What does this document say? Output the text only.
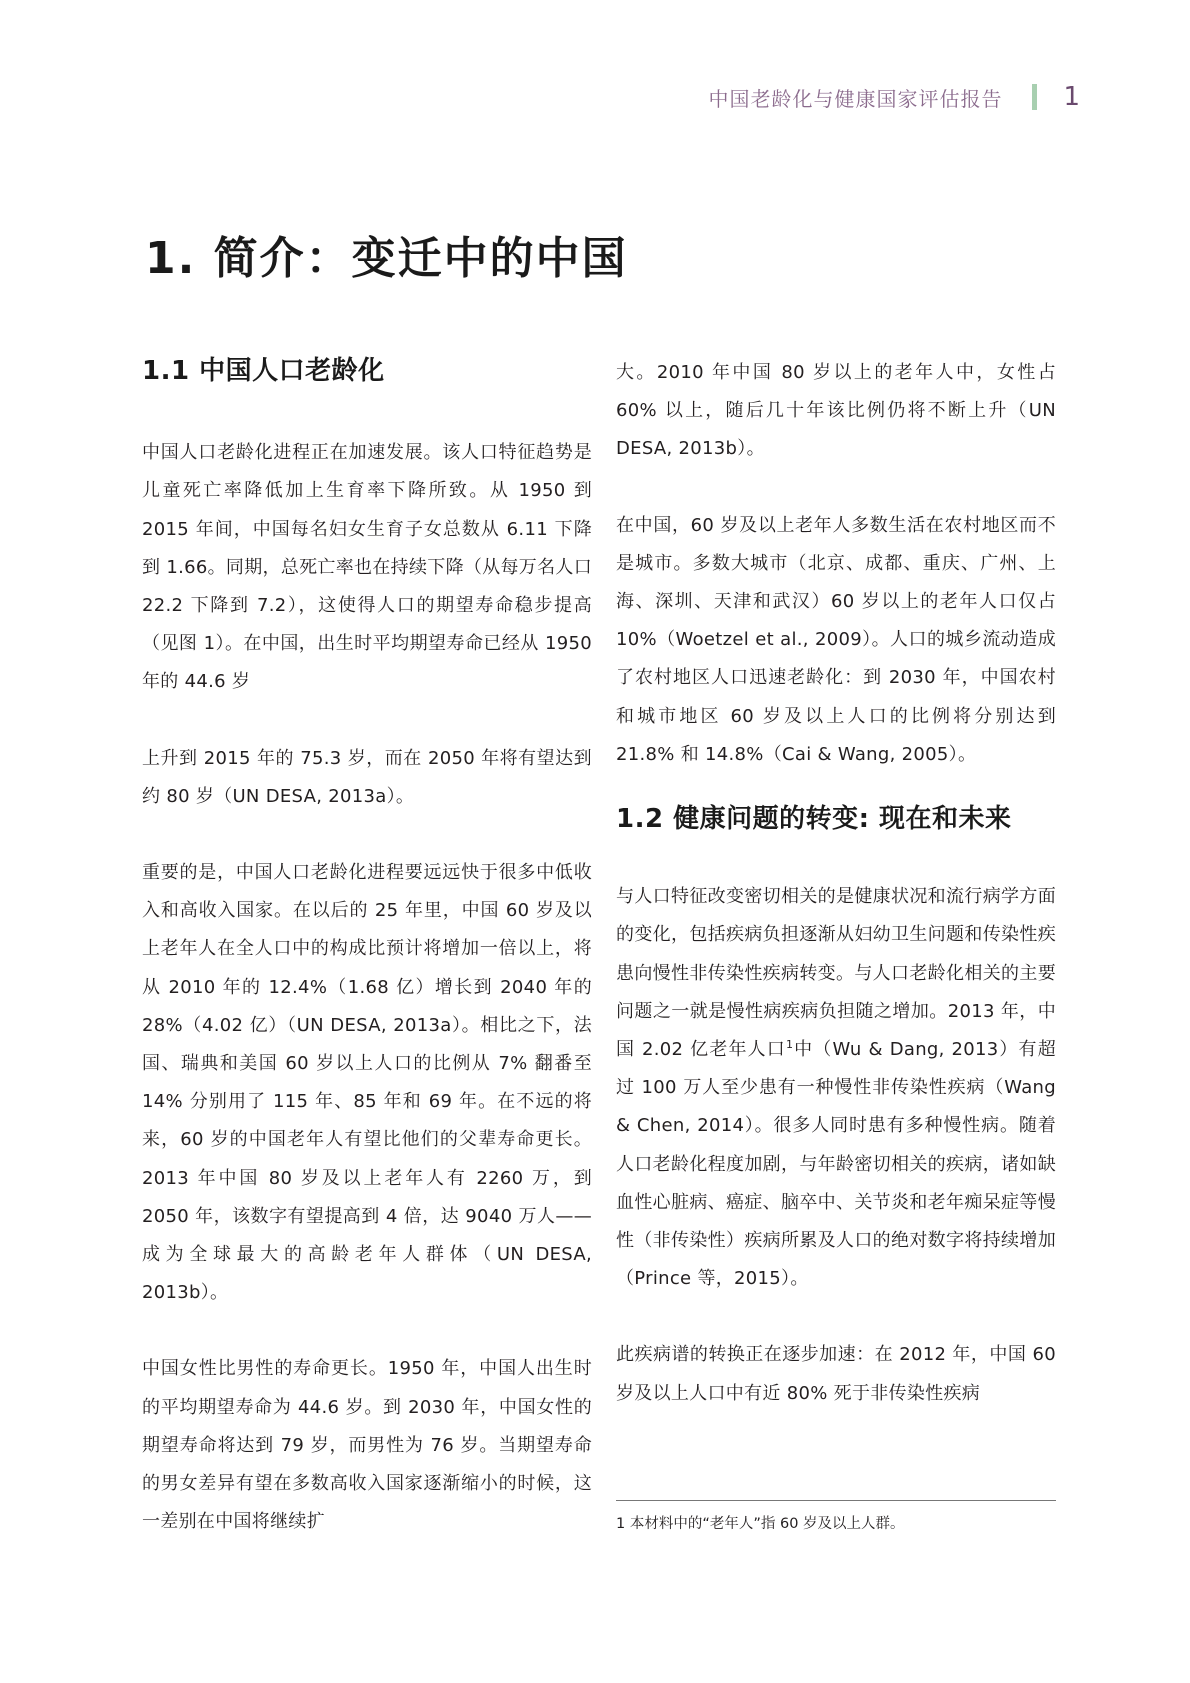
中国老龄化与健康国家评估报告 1
1. 简介：变迁中的中国
1.1 中国人口老龄化

中国人口老龄化进程正在加速发展。该人口特征趋势是儿童死亡率降低加上生育率下降所致。从 1950 到 2015 年间，中国每名妇女生育子女总数从 6.11 下降到 1.66。同期，总死亡率也在持续下降（从每万名人口 22.2 下降到 7.2），这使得人口的期望寿命稳步提高（见图 1）。在中国，出生时平均期望寿命已经从 1950 年的 44.6 岁

上升到 2015 年的 75.3 岁，而在 2050 年将有望达到约 80 岁（UN DESA, 2013a）。

重要的是，中国人口老龄化进程要远远快于很多中低收入和高收入国家。在以后的 25 年里，中国 60 岁及以上老年人在全人口中的构成比预计将增加一倍以上，将从 2010 年的 12.4%（1.68 亿）增长到 2040 年的 28%（4.02 亿）（UN DESA, 2013a）。相比之下，法国、瑞典和美国 60 岁以上人口的比例从 7% 翻番至 14% 分别用了 115 年、85 年和 69 年。在不远的将来，60 岁的中国老年人有望比他们的父辈寿命更长。2013 年中国 80 岁及以上老年人有 2260 万，到 2050 年，该数字有望提高到 4 倍，达 9040 万人——成为全球最大的高龄老年人群体（UN DESA, 2013b）。

中国女性比男性的寿命更长。1950 年，中国人出生时的平均期望寿命为 44.6 岁。到 2030 年，中国女性的期望寿命将达到 79 岁，而男性为 76 岁。当期望寿命的男女差异有望在多数高收入国家逐渐缩小的时候，这一差别在中国将继续扩

大。2010 年中国 80 岁以上的老年人中，女性占 60% 以上，随后几十年该比例仍将不断上升（UN DESA, 2013b）。

在中国，60 岁及以上老年人多数生活在农村地区而不是城市。多数大城市（北京、成都、重庆、广州、上海、深圳、天津和武汉）60 岁以上的老年人口仅占 10%（Woetzel et al., 2009）。人口的城乡流动造成了农村地区人口迅速老龄化：到 2030 年，中国农村和城市地区 60 岁及以上人口的比例将分别达到 21.8% 和 14.8%（Cai & Wang, 2005）。

1.2 健康问题的转变: 现在和未来

与人口特征改变密切相关的是健康状况和流行病学方面的变化，包括疾病负担逐渐从妇幼卫生问题和传染性疾患向慢性非传染性疾病转变。与人口老龄化相关的主要问题之一就是慢性病疾病负担随之增加。2013 年，中国 2.02 亿老年人口$^1$中（Wu & Dang, 2013）有超过 100 万人至少患有一种慢性非传染性疾病（Wang & Chen, 2014）。很多人同时患有多种慢性病。随着人口老龄化程度加剧，与年龄密切相关的疾病，诸如缺血性心脏病、癌症、脑卒中、关节炎和老年痴呆症等慢性（非传染性）疾病所累及人口的绝对数字将持续增加（Prince 等，2015）。

此疾病谱的转换正在逐步加速：在 2012 年，中国 60 岁及以上人口中有近 80% 死于非传染性疾病

1 本材料中的“老年人”指 60 岁及以上人群。
